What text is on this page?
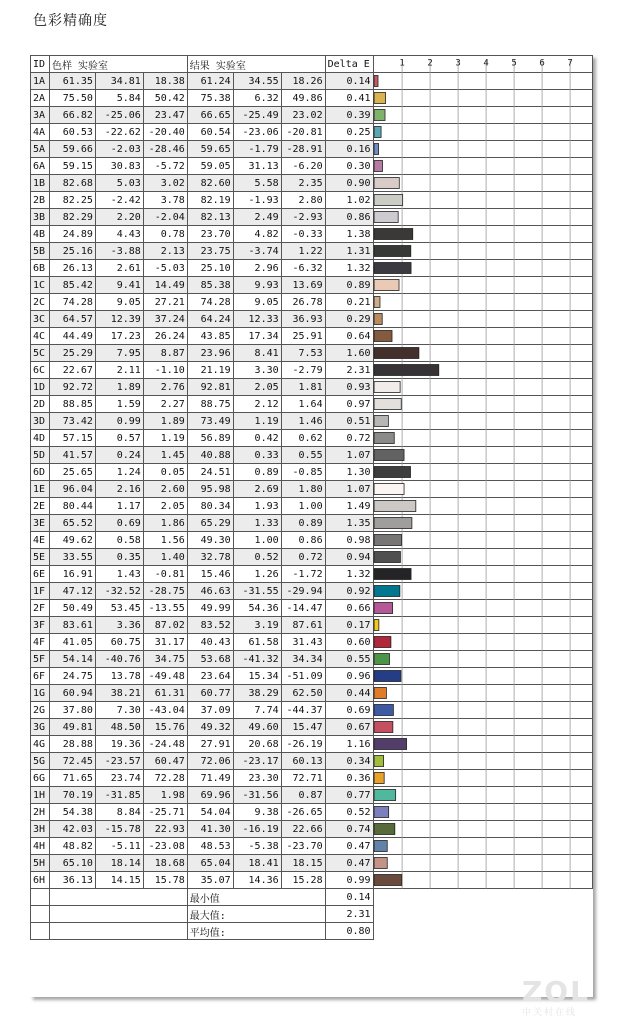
色彩精确度
ID	色样 实验室			结果 实验室			Delta E	
1A	61.35	34.81	18.38	61.24	34.55	18.26	0.14	
2A	75.50	5.84	50.42	75.38	6.32	49.86	0.41	
3A	66.82	-25.06	23.47	66.65	-25.49	23.02	0.39	
4A	60.53	-22.62	-20.40	60.54	-23.06	-20.81	0.25	
5A	59.66	-2.03	-28.46	59.65	-1.79	-28.91	0.16	
6A	59.15	30.83	-5.72	59.05	31.13	-6.20	0.30	
1B	82.68	5.03	3.02	82.60	5.58	2.35	0.90	
2B	82.25	-2.42	3.78	82.19	-1.93	2.80	1.02	
3B	82.29	2.20	-2.04	82.13	2.49	-2.93	0.86	
4B	24.89	4.43	0.78	23.70	4.82	-0.33	1.38	
5B	25.16	-3.88	2.13	23.75	-3.74	1.22	1.31	
6B	26.13	2.61	-5.03	25.10	2.96	-6.32	1.32	
1C	85.42	9.41	14.49	85.38	9.93	13.69	0.89	
2C	74.28	9.05	27.21	74.28	9.05	26.78	0.21	
3C	64.57	12.39	37.24	64.24	12.33	36.93	0.29	
4C	44.49	17.23	26.24	43.85	17.34	25.91	0.64	
5C	25.29	7.95	8.87	23.96	8.41	7.53	1.60	
6C	22.67	2.11	-1.10	21.19	3.30	-2.79	2.31	
1D	92.72	1.89	2.76	92.81	2.05	1.81	0.93	
2D	88.85	1.59	2.27	88.75	2.12	1.64	0.97	
3D	73.42	0.99	1.89	73.49	1.19	1.46	0.51	
4D	57.15	0.57	1.19	56.89	0.42	0.62	0.72	
5D	41.57	0.24	1.45	40.88	0.33	0.55	1.07	
6D	25.65	1.24	0.05	24.51	0.89	-0.85	1.30	
1E	96.04	2.16	2.60	95.98	2.69	1.80	1.07	
2E	80.44	1.17	2.05	80.34	1.93	1.00	1.49	
3E	65.52	0.69	1.86	65.29	1.33	0.89	1.35	
4E	49.62	0.58	1.56	49.30	1.00	0.86	0.98	
5E	33.55	0.35	1.40	32.78	0.52	0.72	0.94	
6E	16.91	1.43	-0.81	15.46	1.26	-1.72	1.32	
1F	47.12	-32.52	-28.75	46.63	-31.55	-29.94	0.92	
2F	50.49	53.45	-13.55	49.99	54.36	-14.47	0.66	
3F	83.61	3.36	87.02	83.52	3.19	87.61	0.17	
4F	41.05	60.75	31.17	40.43	61.58	31.43	0.60	
5F	54.14	-40.76	34.75	53.68	-41.32	34.34	0.55	
6F	24.75	13.78	-49.48	23.64	15.34	-51.09	0.96	
1G	60.94	38.21	61.31	60.77	38.29	62.50	0.44	
2G	37.80	7.30	-43.04	37.09	7.74	-44.37	0.69	
3G	49.81	48.50	15.76	49.32	49.60	15.47	0.67	
4G	28.88	19.36	-24.48	27.91	20.68	-26.19	1.16	
5G	72.45	-23.57	60.47	72.06	-23.17	60.13	0.34	
6G	71.65	23.74	72.28	71.49	23.30	72.71	0.36	
1H	70.19	-31.85	1.98	69.96	-31.56	0.87	0.77	
2H	54.38	8.84	-25.71	54.04	9.38	-26.65	0.52	
3H	42.03	-15.78	22.93	41.30	-16.19	22.66	0.74	
4H	48.82	-5.11	-23.08	48.53	-5.38	-23.70	0.47	
5H	65.10	18.14	18.68	65.04	18.41	18.15	0.47	
6H	36.13	14.15	15.78	35.07	14.36	15.28	0.99	
				最小值			0.14	
				最大值:			2.31	
				平均值:			0.80	
1	2	3	4	5	6	7
ZOL
中关村在线
